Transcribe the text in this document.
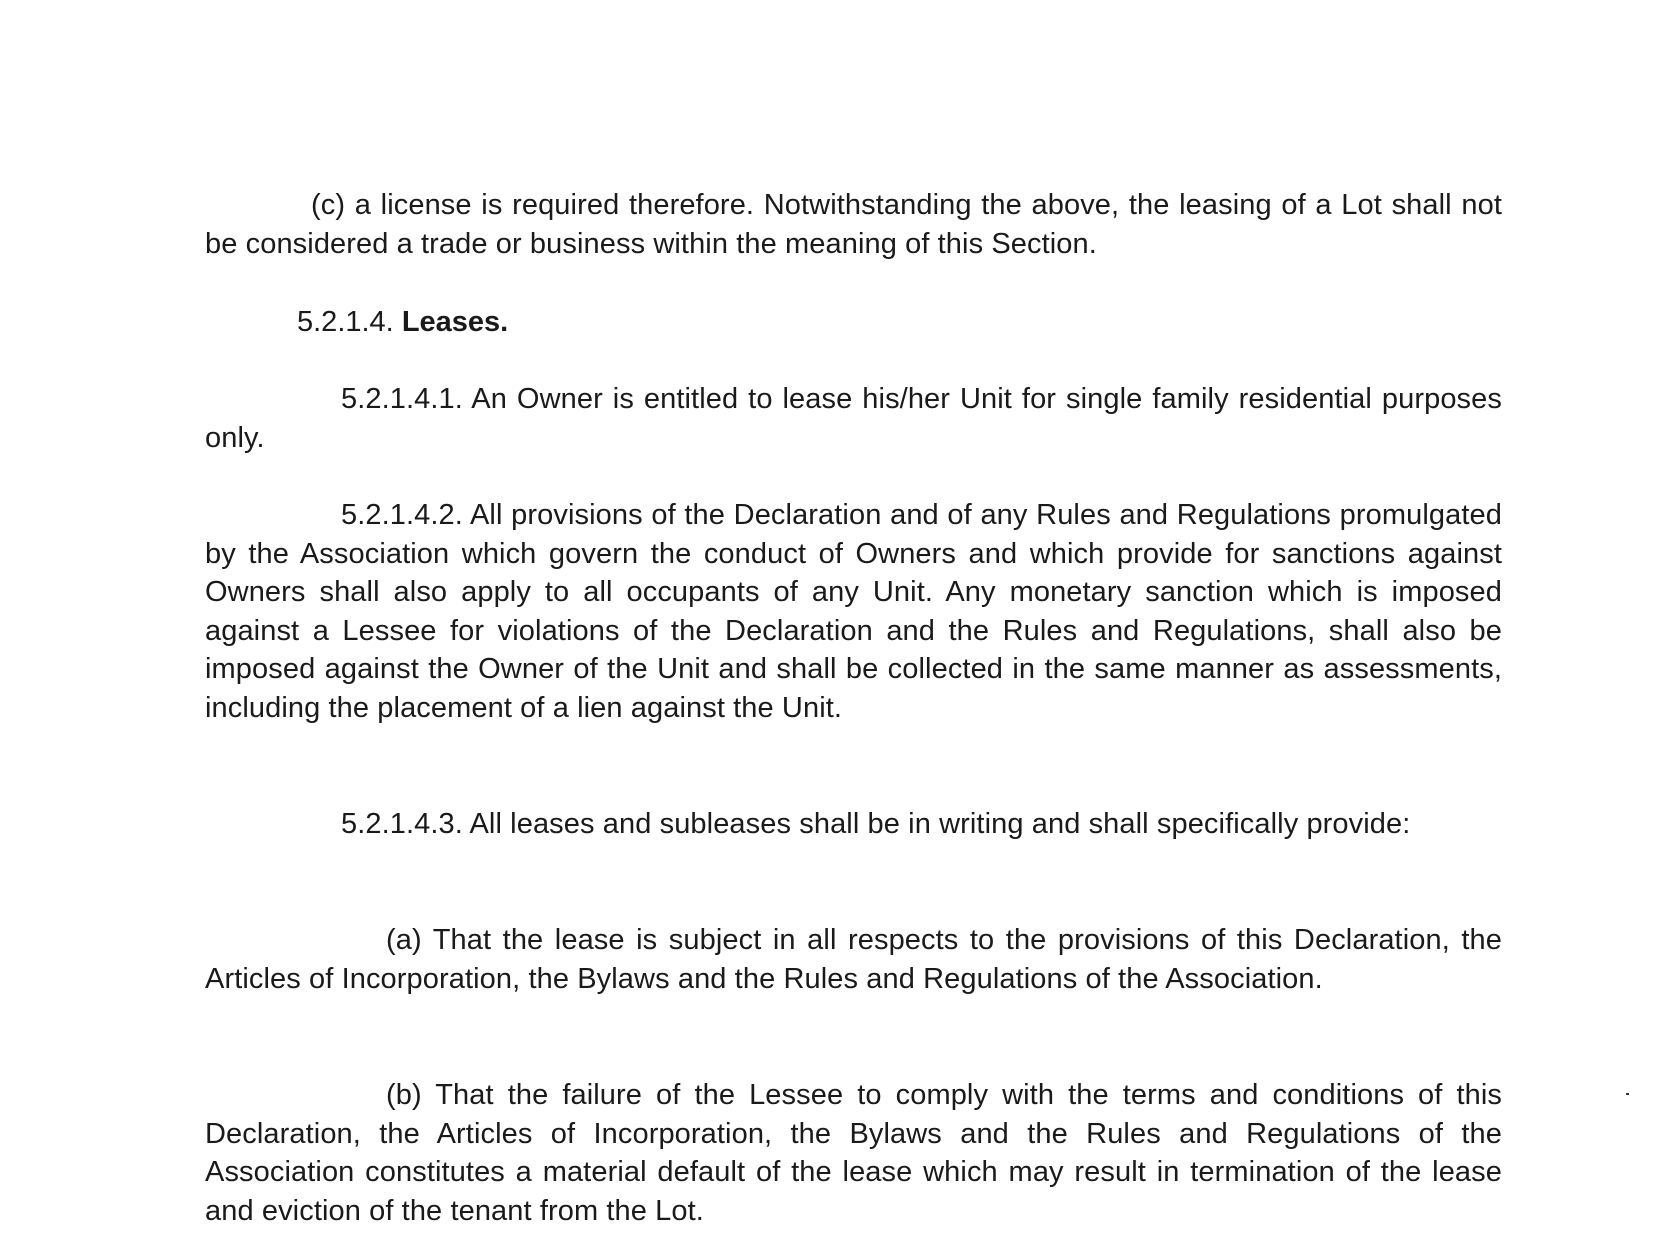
(c) a license is required therefore. Notwithstanding the above, the leasing of a Lot shall not be considered a trade or business within the meaning of this Section.

5.2.1.4. Leases.

5.2.1.4.1. An Owner is entitled to lease his/her Unit for single family residential purposes only.

5.2.1.4.2. All provisions of the Declaration and of any Rules and Regulations promulgated by the Association which govern the conduct of Owners and which provide for sanctions against Owners shall also apply to all occupants of any Unit. Any monetary sanction which is imposed against a Lessee for violations of the Declaration and the Rules and Regulations, shall also be imposed against the Owner of the Unit and shall be collected in the same manner as assessments, including the placement of a lien against the Unit.

5.2.1.4.3. All leases and subleases shall be in writing and shall specifically provide:

(a) That the lease is subject in all respects to the provisions of this Declaration, the Articles of Incorporation, the Bylaws and the Rules and Regulations of the Association.

(b) That the failure of the Lessee to comply with the terms and conditions of this Declaration, the Articles of Incorporation, the Bylaws and the Rules and Regulations of the Association constitutes a material default of the lease which may result in termination of the lease and eviction of the tenant from the Lot.
